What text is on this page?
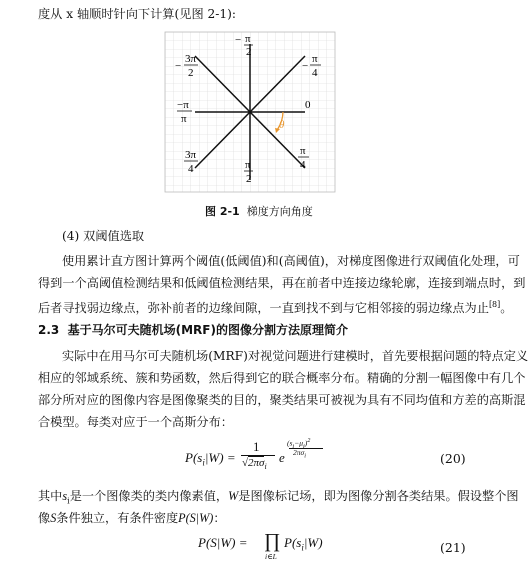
度从 x 轴顺时针向下计算(见图 2-1):
θ
− π
2
−
3π
2
−
π
4
−π
π
0
3π
4	π
2
π
4
图 2-1 梯度方向角度
(4) 双阈值选取
使用累计直方图计算两个阈值(低阈值)和(高阈值)，对梯度图像进行双阈值化处理，可
得到一个高阈值检测结果和低阈值检测结果，再在前者中连接边缘轮廓，连接到端点时，到
后者寻找弱边缘点，弥补前者的边缘间隙，一直到找不到与它相邻接的弱边缘点为止[8]。
2.3 基于马尔可夫随机场(MRF)的图像分割方法原理简介
实际中在用马尔可夫随机场(MRF)对视觉问题进行建模时，首先要根据问题的特点定义
相应的邻域系统、簇和势函数，然后得到它的联合概率分布。精确的分割一幅图像中有几个
部分所对应的图像内容是图像聚类的目的，聚类结果可被视为具有不同均值和方差的高斯混
合模型。每类对应于一个高斯分布：
$P(s_i|W)$ =
1
$√2\pi\sigma_i$
e
$(s_i-\mu_i)^2$
$2\pi\sigma_i$	(20)
其中$s_i$是一个图像类的类内像素值，W是图像标记场，即为图像分割各类结果。假设整个图
像S条件独立，有条件密度P(S|W)：
P(S|W) = ∏
i∈L
$P(s_i|W)$	(21)
